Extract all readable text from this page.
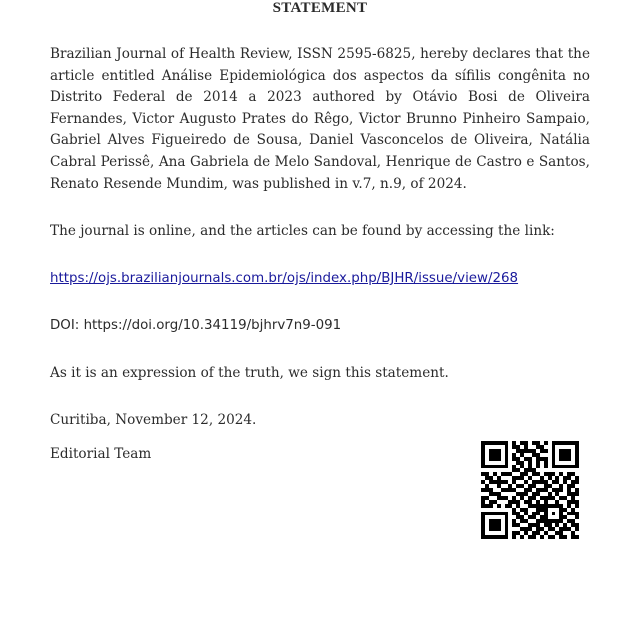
STATEMENT

Brazilian Journal of Health Review, ISSN 2595-6825, hereby declares that the article entitled Análise Epidemiológica dos aspectos da sífilis congênita no Distrito Federal de 2014 a 2023 authored by Otávio Bosi de Oliveira Fernandes, Victor Augusto Prates do Rêgo, Victor Brunno Pinheiro Sampaio, Gabriel Alves Figueiredo de Sousa, Daniel Vasconcelos de Oliveira, Natália Cabral Perissê, Ana Gabriela de Melo Sandoval, Henrique de Castro e Santos, Renato Resende Mundim, was published in v.7, n.9, of 2024.

The journal is online, and the articles can be found by accessing the link:

https://ojs.brazilianjournals.com.br/ojs/index.php/BJHR/issue/view/268

DOI: https://doi.org/10.34119/bjhrv7n9-091

As it is an expression of the truth, we sign this statement.

Curitiba, November 12, 2024.

Editorial Team
